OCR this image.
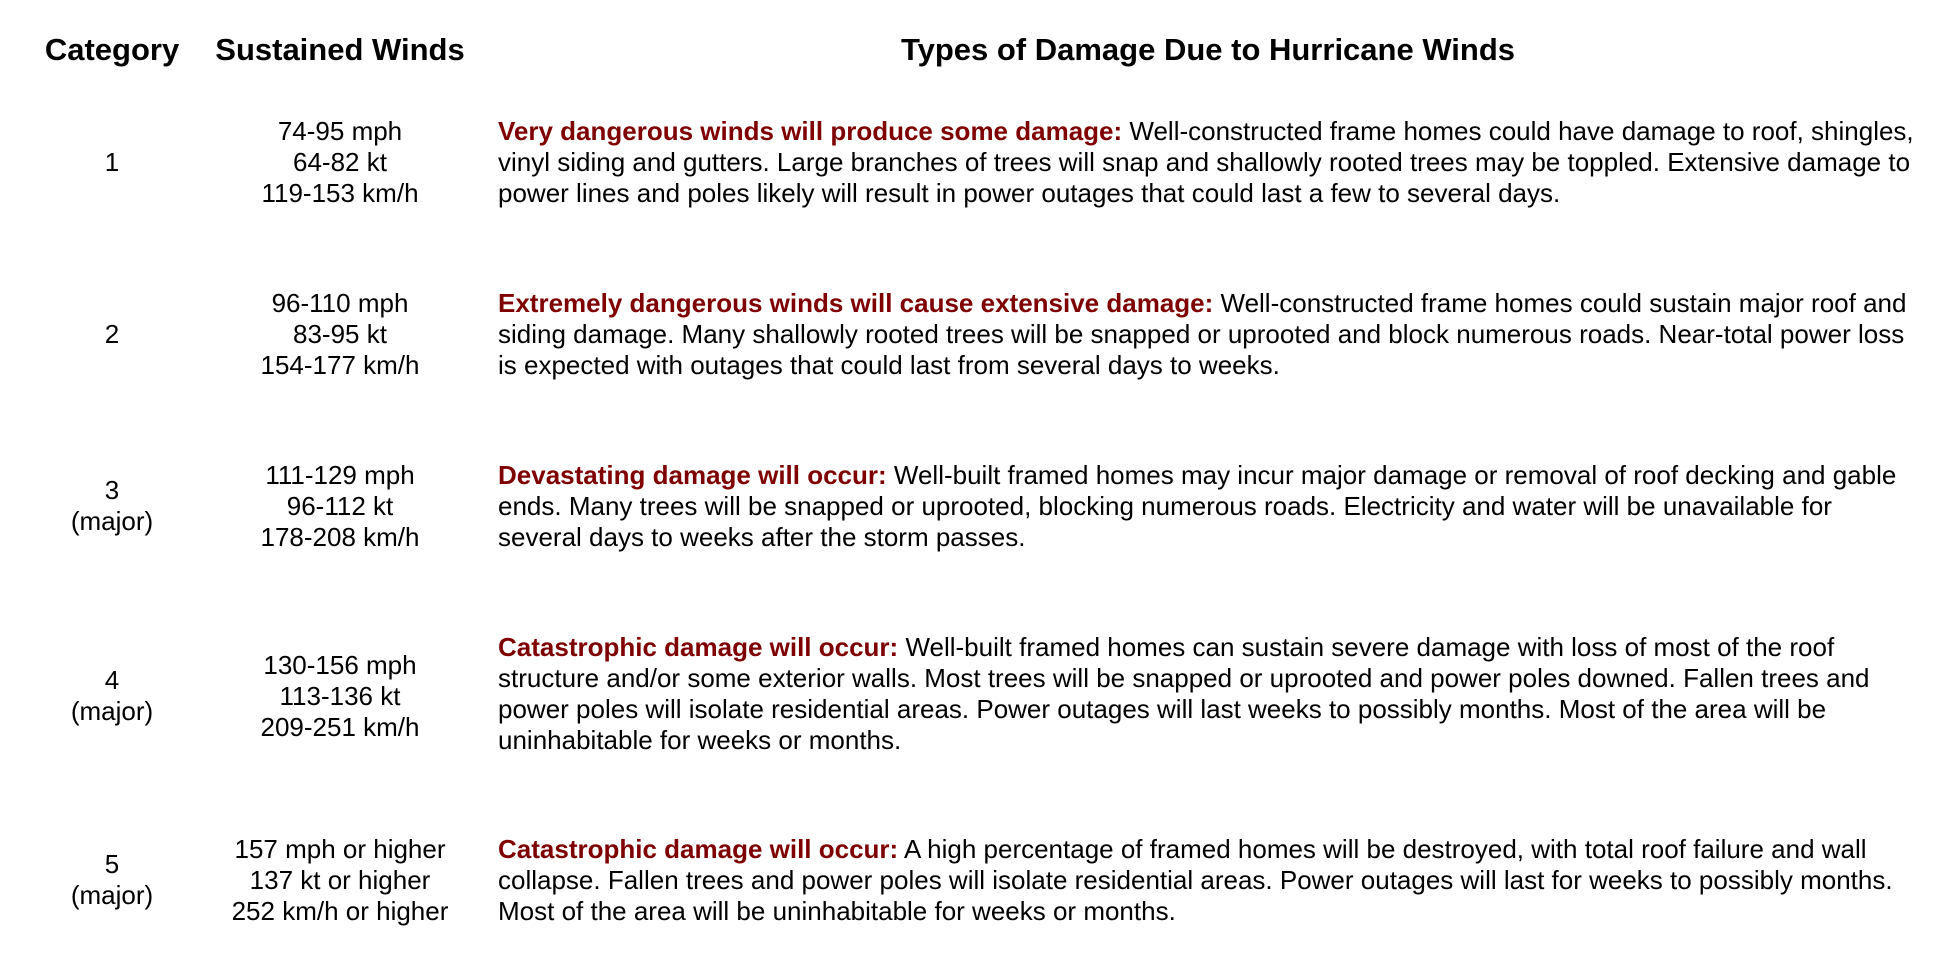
Category	Sustained Winds	Types of Damage Due to Hurricane Winds
1
74-95 mph
64-82 kt
119-153 km/h
Very dangerous winds will produce some damage: Well-constructed frame homes could have damage to roof, shingles, vinyl siding and gutters. Large branches of trees will snap and shallowly rooted trees may be toppled. Extensive damage to power lines and poles likely will result in power outages that could last a few to several days.
2
96-110 mph
83-95 kt
154-177 km/h
Extremely dangerous winds will cause extensive damage: Well-constructed frame homes could sustain major roof and siding damage. Many shallowly rooted trees will be snapped or uprooted and block numerous roads. Near-total power loss is expected with outages that could last from several days to weeks.
3
(major)
111-129 mph
96-112 kt
178-208 km/h
Devastating damage will occur: Well-built framed homes may incur major damage or removal of roof decking and gable ends. Many trees will be snapped or uprooted, blocking numerous roads. Electricity and water will be unavailable for several days to weeks after the storm passes.
4
(major)
130-156 mph
113-136 kt
209-251 km/h
Catastrophic damage will occur: Well-built framed homes can sustain severe damage with loss of most of the roof structure and/or some exterior walls. Most trees will be snapped or uprooted and power poles downed. Fallen trees and power poles will isolate residential areas. Power outages will last weeks to possibly months. Most of the area will be uninhabitable for weeks or months.
5
(major)
157 mph or higher
137 kt or higher
252 km/h or higher
Catastrophic damage will occur: A high percentage of framed homes will be destroyed, with total roof failure and wall collapse. Fallen trees and power poles will isolate residential areas. Power outages will last for weeks to possibly months. Most of the area will be uninhabitable for weeks or months.
